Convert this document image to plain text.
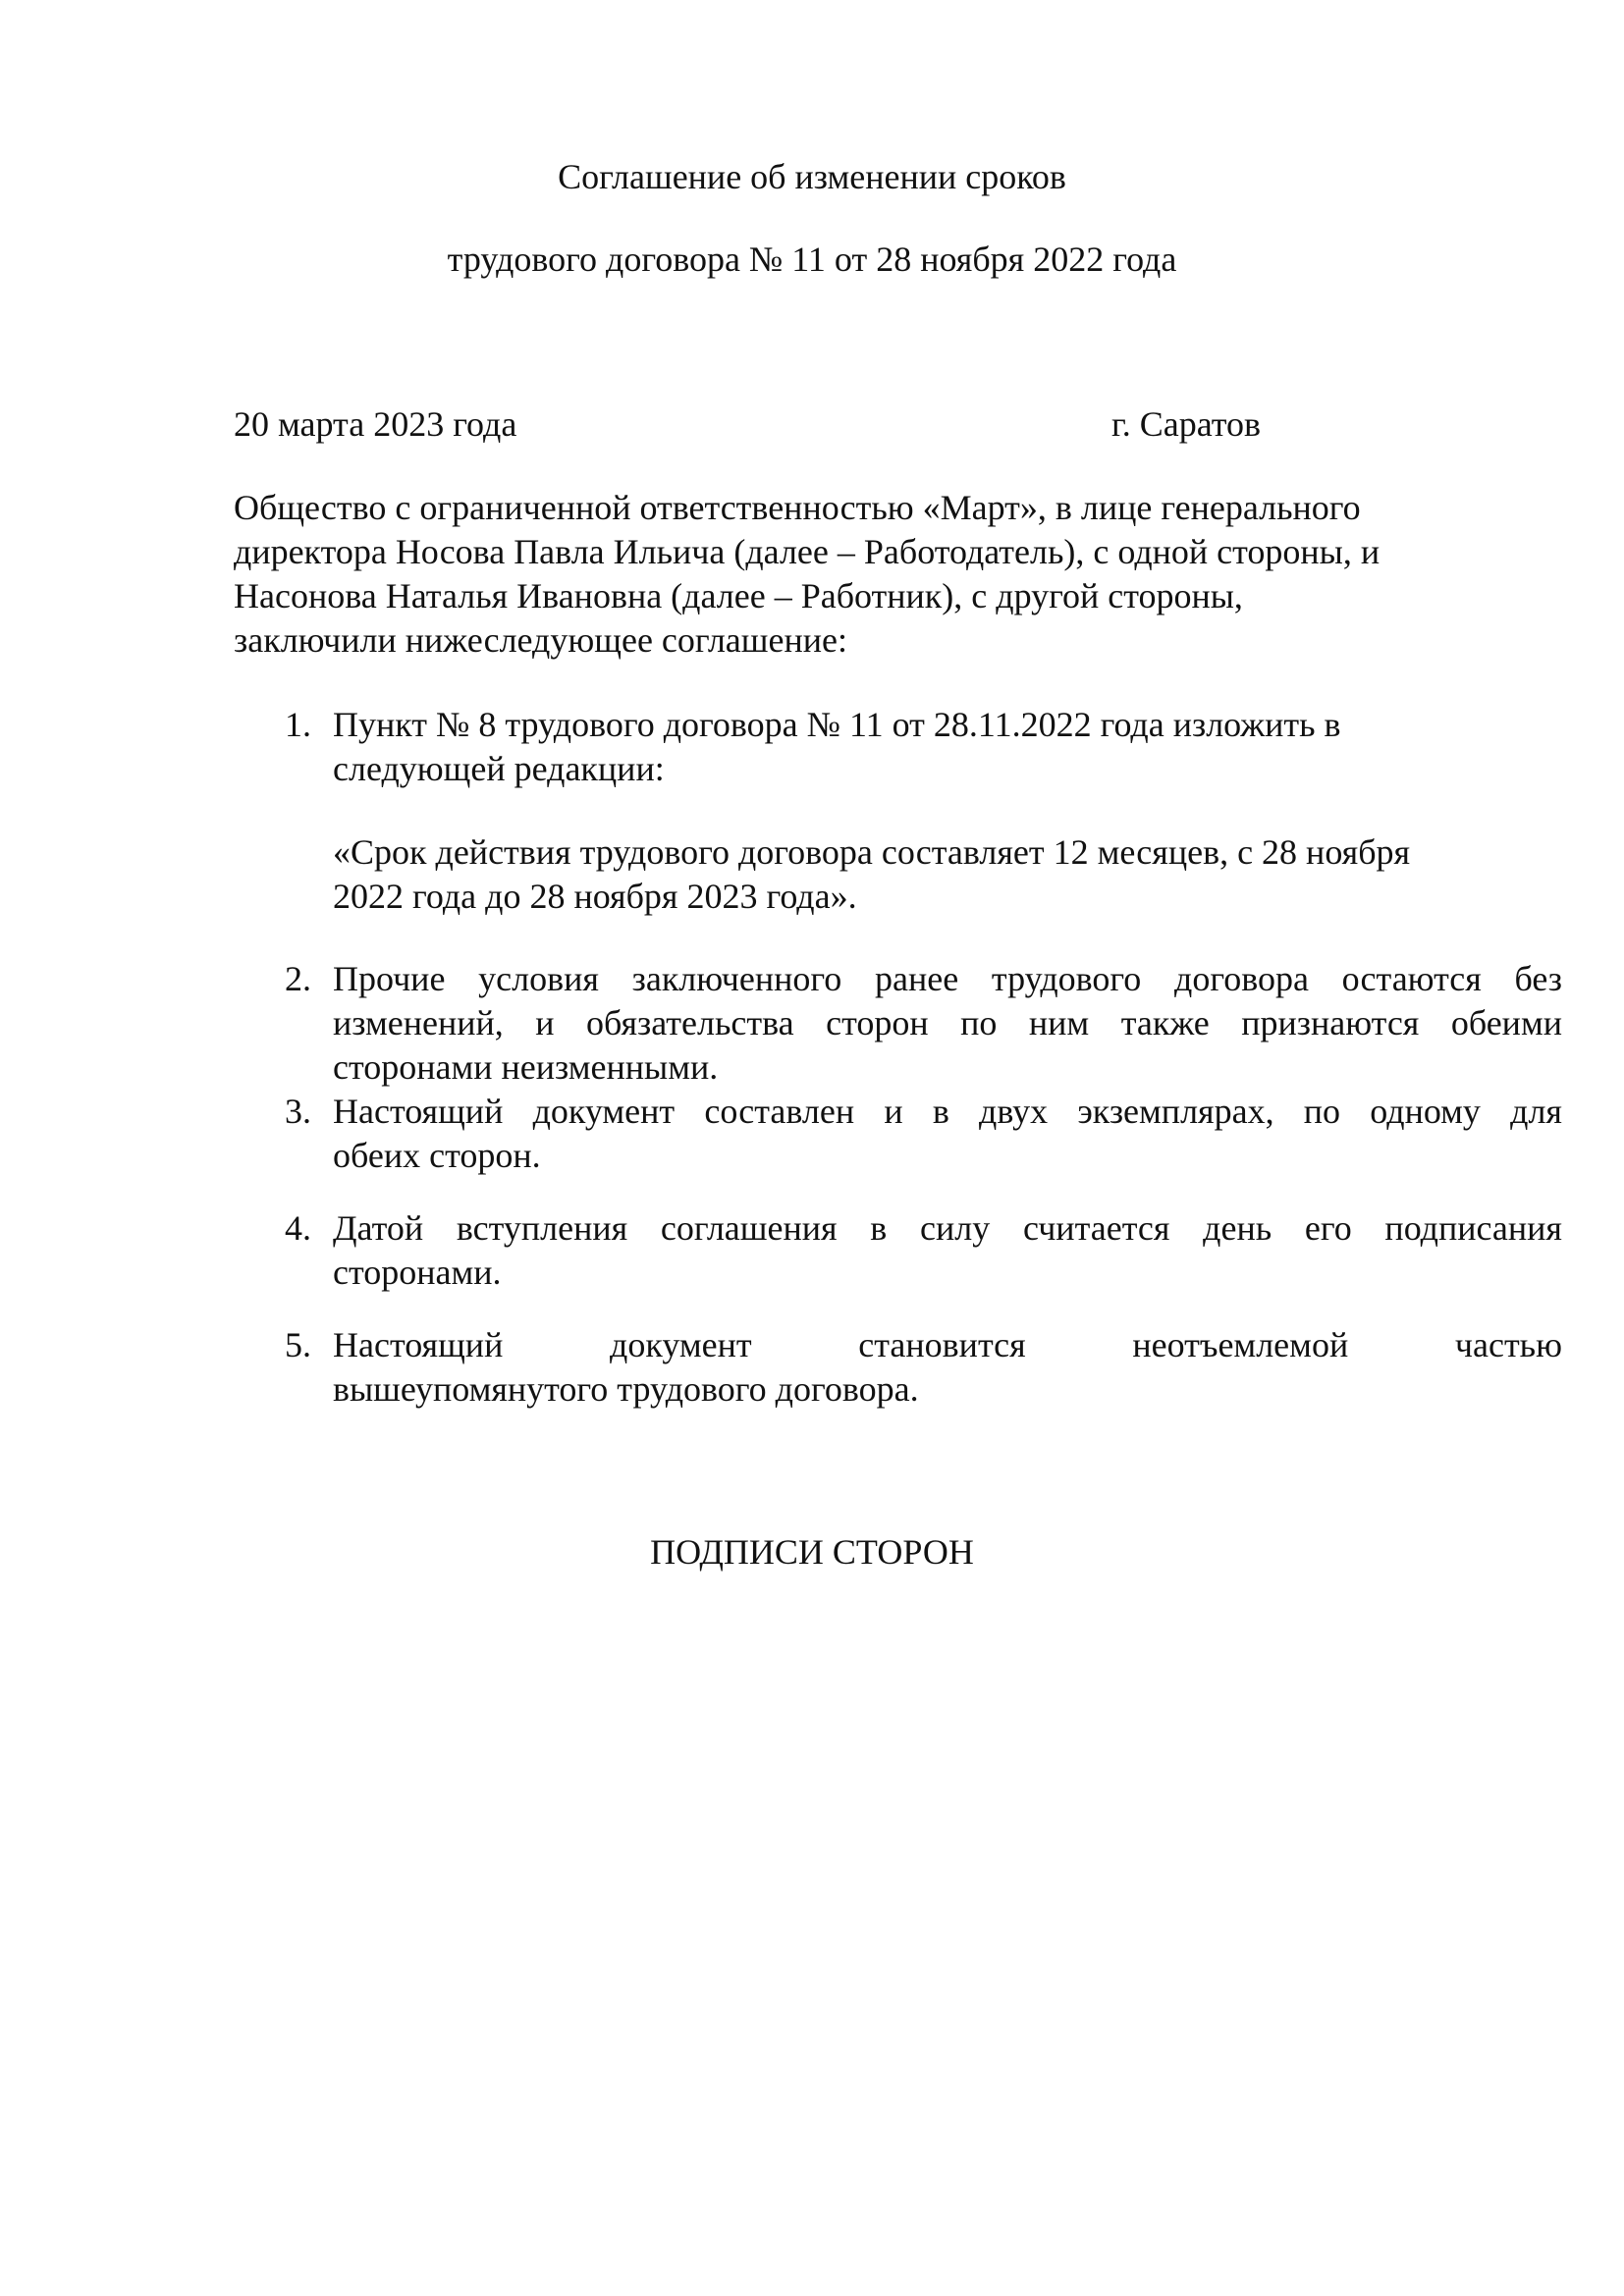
Соглашение об изменении сроков
трудового договора № 11 от 28 ноября 2022 года
20 марта 2023 года	г. Саратов
Общество с ограниченной ответственностью «Март», в лице генерального
директора Носова Павла Ильича (далее – Работодатель), с одной стороны, и
Насонова Наталья Ивановна (далее – Работник), с другой стороны,
заключили нижеследующее соглашение:
1. Пункт № 8 трудового договора № 11 от 28.11.2022 года изложить в
следующей редакции:
«Срок действия трудового договора составляет 12 месяцев, с 28 ноября
2022 года до 28 ноября 2023 года».
2. Прочие условия заключенного ранее трудового договора остаются без
изменений, и обязательства сторон по ним также признаются обеими
сторонами неизменными.
3. Настоящий документ составлен и в двух экземплярах, по одному для
обеих сторон.
4. Датой вступления соглашения в силу считается день его подписания
сторонами.
5. Настоящий документ становится неотъемлемой частью
вышеупомянутого трудового договора.
ПОДПИСИ СТОРОН
